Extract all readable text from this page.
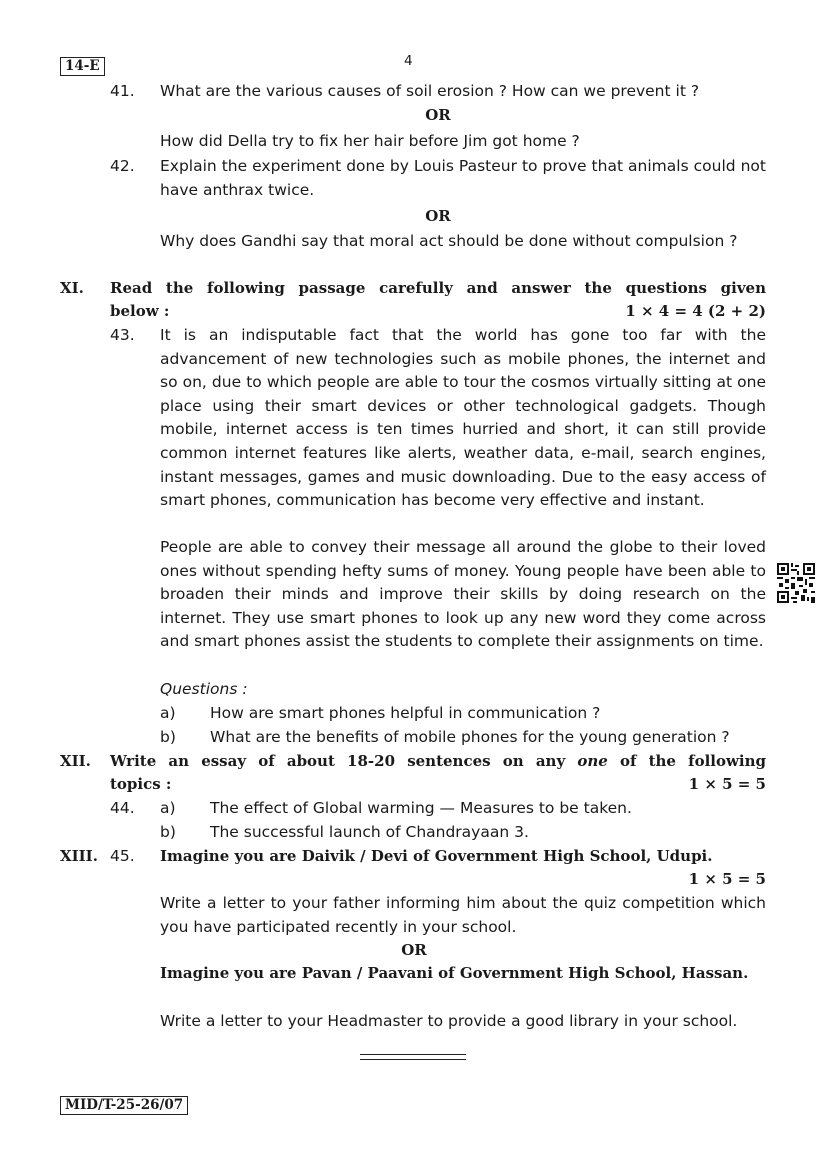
14-E	4
41.	What are the various causes of soil erosion ? How can we prevent it ?
OR
How did Della try to fix her hair before Jim got home ?
42.	Explain the experiment done by Louis Pasteur to prove that animals could not have anthrax twice.
OR
Why does Gandhi say that moral act should be done without compulsion ?
XI.	Read the following passage carefully and answer the questions given
below :	1 × 4 = 4 (2 + 2)
43.	It is an indisputable fact that the world has gone too far with the advancement of new technologies such as mobile phones, the internet and so on, due to which people are able to tour the cosmos virtually sitting at one place using their smart devices or other technological gadgets. Though mobile, internet access is ten times hurried and short, it can still provide common internet features like alerts, weather data, e-mail, search engines, instant messages, games and music downloading. Due to the easy access of smart phones, communication has become very effective and instant.
People are able to convey their message all around the globe to their loved ones without spending hefty sums of money. Young people have been able to broaden their minds and improve their skills by doing research on the internet. They use smart phones to look up any new word they come across and smart phones assist the students to complete their assignments on time.
Questions :
a)	How are smart phones helpful in communication ?
b)	What are the benefits of mobile phones for the young generation ?
XII.	Write an essay of about 18-20 sentences on any one of the following
topics :	1 × 5 = 5
44.	a)	The effect of Global warming — Measures to be taken.
b)	The successful launch of Chandrayaan 3.
XIII. 45.	Imagine you are Daivik / Devi of Government High School, Udupi.
1 × 5 = 5
Write a letter to your father informing him about the quiz competition which you have participated recently in your school.
OR
Imagine you are Pavan / Paavani of Government High School, Hassan.
Write a letter to your Headmaster to provide a good library in your school.
MID/T-25-26/07
